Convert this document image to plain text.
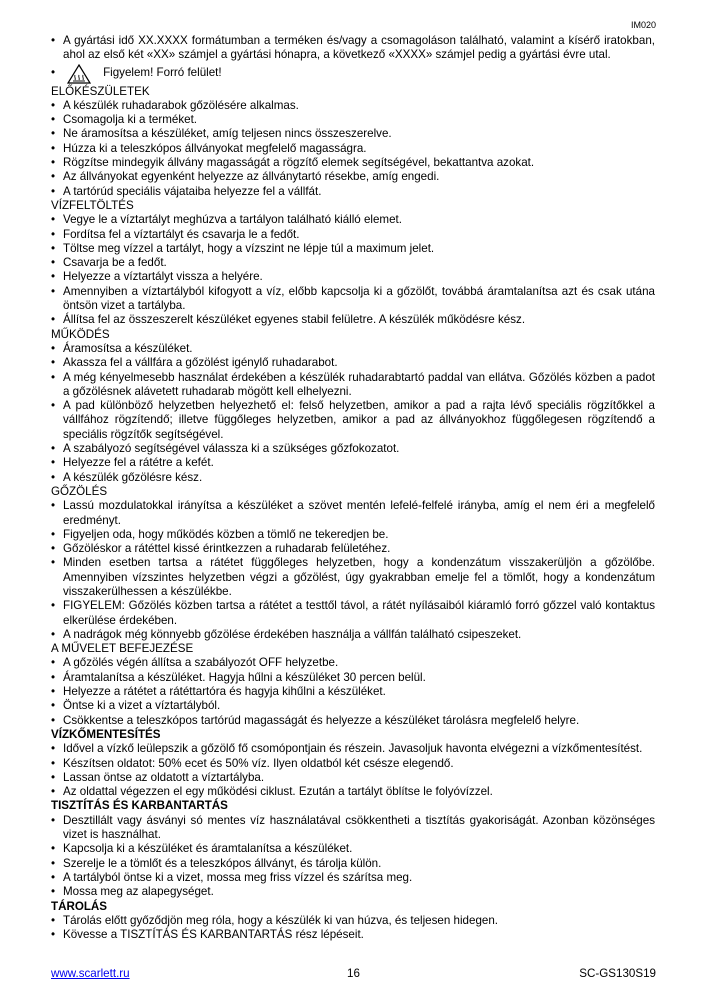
IM020

• A gyártási idő XX.XXXX formátumban a terméken és/vagy a csomagoláson található, valamint a kísérő iratokban, ahol az első két «XX» számjel a gyártási hónapra, a következő «XXXX» számjel pedig a gyártási évre utal.

•	Figyelem! Forró felület!

ELŐKÉSZÜLETEK

• A készülék ruhadarabok gőzölésére alkalmas.

• Csomagolja ki a terméket.

• Ne áramosítsa a készüléket, amíg teljesen nincs összeszerelve.

• Húzza ki a teleszkópos állványokat megfelelő magasságra.

• Rögzítse mindegyik állvány magasságát a rögzítő elemek segítségével, bekattantva azokat.

• Az állványokat egyenként helyezze az állványtartó résekbe, amíg engedi.

• A tartórúd speciális vájataiba helyezze fel a vállfát.

VÍZFELTÖLTÉS

• Vegye le a víztartályt meghúzva a tartályon található kiálló elemet.

• Fordítsa fel a víztartályt és csavarja le a fedőt.

• Töltse meg vízzel a tartályt, hogy a vízszint ne lépje túl a maximum jelet.

• Csavarja be a fedőt.

• Helyezze a víztartályt vissza a helyére.

• Amennyiben a víztartályból kifogyott a víz, előbb kapcsolja ki a gőzölőt, továbbá áramtalanítsa azt és csak utána öntsön vizet a tartályba.

• Állítsa fel az összeszerelt készüléket egyenes stabil felületre. A készülék működésre kész.

MŰKÖDÉS

• Áramosítsa a készüléket.

• Akassza fel a vállfára a gőzölést igénylő ruhadarabot.

• A még kényelmesebb használat érdekében a készülék ruhadarabtartó paddal van ellátva. Gőzölés közben a padot a gőzölésnek alávetett ruhadarab mögött kell elhelyezni.

• A pad különböző helyzetben helyezhető el: felső helyzetben, amikor a pad a rajta lévő speciális rögzítőkkel a vállfához rögzítendő; illetve függőleges helyzetben, amikor a pad az állványokhoz függőlegesen rögzítendő a speciális rögzítők segítségével.

• A szabályozó segítségével válassza ki a szükséges gőzfokozatot.

• Helyezze fel a rátétre a kefét.

• A készülék gőzölésre kész.

GŐZÖLÉS

• Lassú mozdulatokkal irányítsa a készüléket a szövet mentén lefelé-felfelé irányba, amíg el nem éri a megfelelő eredményt.

• Figyeljen oda, hogy működés közben a tömlő ne tekeredjen be.

• Gőzöléskor a rátéttel kissé érintkezzen a ruhadarab felületéhez.

• Minden esetben tartsa a rátétet függőleges helyzetben, hogy a kondenzátum visszakerüljön a gőzölőbe. Amennyiben vízszintes helyzetben végzi a gőzölést, úgy gyakrabban emelje fel a tömlőt, hogy a kondenzátum visszakerülhessen a készülékbe.

• FIGYELEM: Gőzölés közben tartsa a rátétet a testtől távol, a rátét nyílásaiból kiáramló forró gőzzel való kontaktus elkerülése érdekében.

• A nadrágok még könnyebb gőzölése érdekében használja a vállfán található csipeszeket.

A MŰVELET BEFEJEZÉSE

• A gőzölés végén állítsa a szabályozót OFF helyzetbe.

• Áramtalanítsa a készüléket. Hagyja hűlni a készüléket 30 percen belül.

• Helyezze a rátétet a rátéttartóra és hagyja kihűlni a készüléket.

• Öntse ki a vizet a víztartályból.

• Csökkentse a teleszkópos tartórúd magasságát és helyezze a készüléket tárolásra megfelelő helyre.

VÍZKŐMENTESÍTÉS

• Idővel a vízkő leülepszik a gőzölő fő csomópontjain és részein. Javasoljuk havonta elvégezni a vízkőmentesítést.

• Készítsen oldatot: 50% ecet és 50% víz. Ilyen oldatból két csésze elegendő.

• Lassan öntse az oldatott a víztartályba.

• Az oldattal végezzen el egy működési ciklust. Ezután a tartályt öblítse le folyóvízzel.

TISZTÍTÁS ÉS KARBANTARTÁS

• Desztillált vagy ásványi só mentes víz használatával csökkentheti a tisztítás gyakoriságát. Azonban közönséges vizet is használhat.

• Kapcsolja ki a készüléket és áramtalanítsa a készüléket.

• Szerelje le a tömlőt és a teleszkópos állványt, és tárolja külön.

• A tartályból öntse ki a vizet, mossa meg friss vízzel és szárítsa meg.

• Mossa meg az alapegységet.

TÁROLÁS

• Tárolás előtt győződjön meg róla, hogy a készülék ki van húzva, és teljesen hidegen.

• Kövesse a TISZTÍTÁS ÉS KARBANTARTÁS rész lépéseit.

16
www.scarlett.ru	SC-GS130S19
